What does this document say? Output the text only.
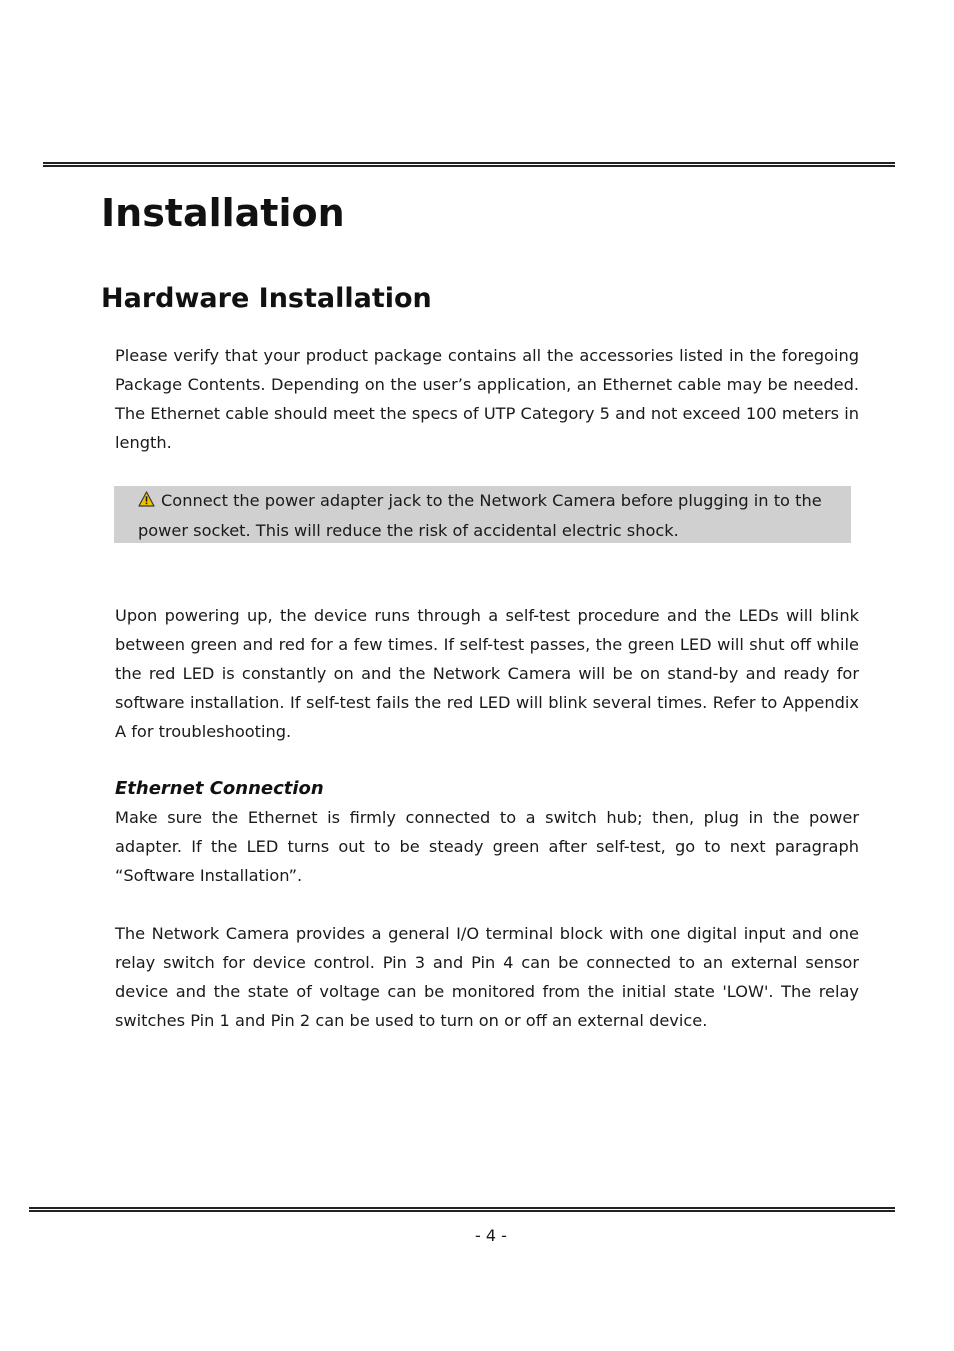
Installation
Hardware Installation

Please verify that your product package contains all the accessories listed in the foregoing Package Contents. Depending on the user’s application, an Ethernet cable may be needed. The Ethernet cable should meet the specs of UTP Category 5 and not exceed 100 meters in length.

Connect the power adapter jack to the Network Camera before plugging in to the power socket. This will reduce the risk of accidental electric shock.

Upon powering up, the device runs through a self-test procedure and the LEDs will blink between green and red for a few times. If self-test passes, the green LED will shut off while the red LED is constantly on and the Network Camera will be on stand-by and ready for software installation. If self-test fails the red LED will blink several times. Refer to Appendix A for troubleshooting.

Ethernet Connection

Make sure the Ethernet is firmly connected to a switch hub; then, plug in the power adapter. If the LED turns out to be steady green after self-test, go to next paragraph “Software Installation”.

The Network Camera provides a general I/O terminal block with one digital input and one relay switch for device control. Pin 3 and Pin 4 can be connected to an external sensor device and the state of voltage can be monitored from the initial state 'LOW'. The relay switches Pin 1 and Pin 2 can be used to turn on or off an external device.

- 4 -
